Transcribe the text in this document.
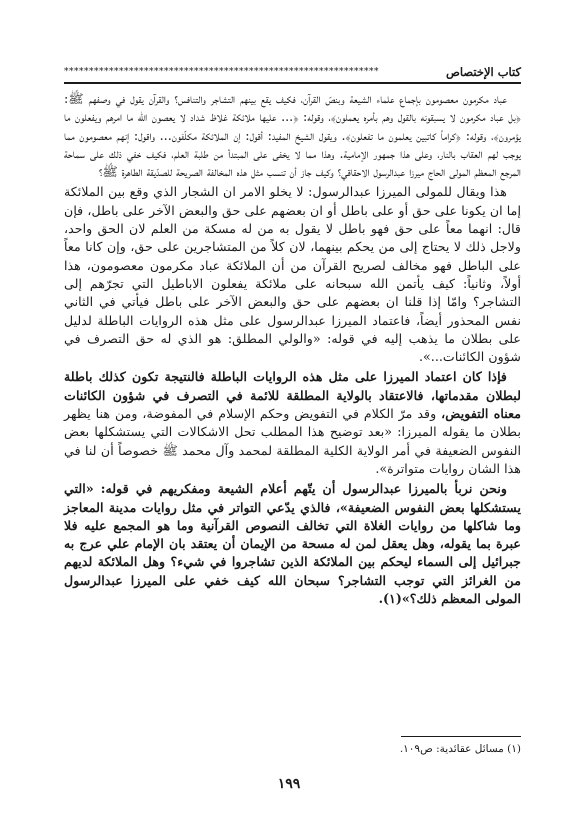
كتاب الإختصاص
***************************************************************

عباد مكرمون معصومون بإجماع علماء الشيعة وبنصّ القرآن، فكيف يقع بينهم التشاجر والتنافس؟ والقرآن يقول في وصفهم ﷺ: ﴿بل عباد مكرمون لا يسبقونه بالقول وهم بأمره يعملون﴾، وقوله: ﴿... عليها ملائكة غلاظ شداد لا يعصون الله ما امرهم ويفعلون ما يؤمرون﴾، وقوله: ﴿كراماً كاتبين يعلمون ما تفعلون﴾. ويقول الشيخ المفيد: أقول: إن الملائكة مكلّفون... واقول: إنهم معصومون مما يوجب لهم العقاب بالنار، وعلى هذا جمهور الإمامية. وهذا مما لا يخفى على المبتدأ من طلبة العلم، فكيف خفي ذلك على سماحة المرجع المعظم المولى الحاج ميرزا عبدالرسول الاحقاقي؟ وكيف جاز أن تنسب مثل هذه المخالفة الصريحة للصدّيقة الطاهرة ﷺ؟

هذا ويقال للمولى الميرزا عبدالرسول: لا يخلو الامر ان الشجار الذي وقع بين الملائكة إما ان يكونا على حق أو على باطل أو ان بعضهم على حق والبعض الآخر على باطل، فإن قال: انهما معاً على حق فهو باطل لا يقول به من له مسكة من العلم لان الحق واحد، ولاجل ذلك لا يحتاج إلى من يحكم بينهما، لان كلاً من المتشاجرين على حق، وإن كانا معاً على الباطل فهو مخالف لصريح القرآن من أن الملائكة عباد مكرمون معصومون، هذا أولاً، وثانياً: كيف يأتمن الله سبحانه على ملائكة يفعلون الاباطيل التي تجرّهم إلى التشاجر؟ وامّا إذا قلنا ان بعضهم على حق والبعض الآخر على باطل فيأتي في الثاني نفس المحذور أيضاً، فاعتماد الميرزا عبدالرسول على مثل هذه الروايات الباطلة لدليل على بطلان ما يذهب إليه في قوله: «والولي المطلق: هو الذي له حق التصرف في شؤون الكائنات...».

فإذا كان اعتماد الميرزا على مثل هذه الروايات الباطلة فالنتيجة تكون كذلك باطلة لبطلان مقدماتها، فالاعتقاد بالولاية المطلقة للائمة في التصرف في شؤون الكائنات معناه التفويض، وقد مرّ الكلام في التفويض وحكم الإسلام في المفوضة، ومن هنا يظهر بطلان ما يقوله الميرزا: «بعد توضيح هذا المطلب تحل الاشكالات التي يستشكلها بعض النفوس الضعيفة في أمر الولاية الكلية المطلقة لمحمد وآل محمد ﷺ خصوصاً أن لنا في هذا الشان روايات متواترة».

ونحن نربأ بالميرزا عبدالرسول أن يتّهم أعلام الشيعة ومفكريهم في قوله: «التي يستشكلها بعض النفوس الضعيفة»، فالذي يدّعي التواتر في مثل روايات مدينة المعاجز وما شاكلها من روايات الغلاة التي تخالف النصوص القرآنية وما هو المجمع عليه فلا عبرة بما يقوله، وهل يعقل لمن له مسحة من الإيمان أن يعتقد بان الإمام علي عرج به جبرائيل إلى السماء ليحكم بين الملائكة الذين تشاجروا في شيء؟ وهل الملائكة لديهم من الغرائز التي توجب التشاجر؟ سبحان الله كيف خفي على الميرزا عبدالرسول المولى المعظم ذلك؟»(١).

(١) مسائل عقائدية: ص١٠٩.
١٩٩
